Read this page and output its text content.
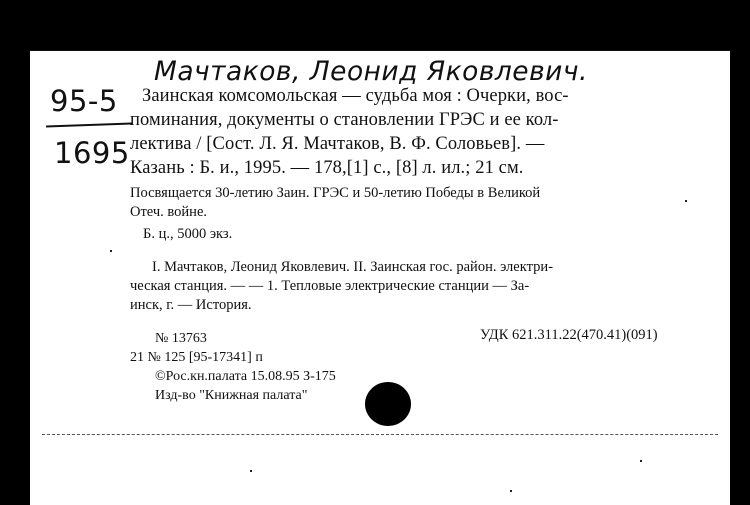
Мачтаков, Леонид Яковлевич.
95-5
1695
Заинская комсомольская — судьба моя : Очерки, вос-
поминания, документы о становлении ГРЭС и ее кол-
лектива / [Сост. Л. Я. Мачтаков, В. Ф. Соловьев]. —
Казань : Б. и., 1995. — 178,[1] с., [8] л. ил.; 21 см.
Посвящается 30-летию Заин. ГРЭС и 50-летию Победы в Великой
Отеч. войне.
Б. ц., 5000 экз.
I. Мачтаков, Леонид Яковлевич. II. Заинская гос. район. электри-
ческая станция. — — 1. Тепловые электрические станции — За-
инск, г. — История.
№ 13763	УДК 621.311.22(470.41)(091)
21 № 125 [95-17341] п
©Рос.кн.палата 15.08.95 З-175
Изд-во "Книжная палата"
